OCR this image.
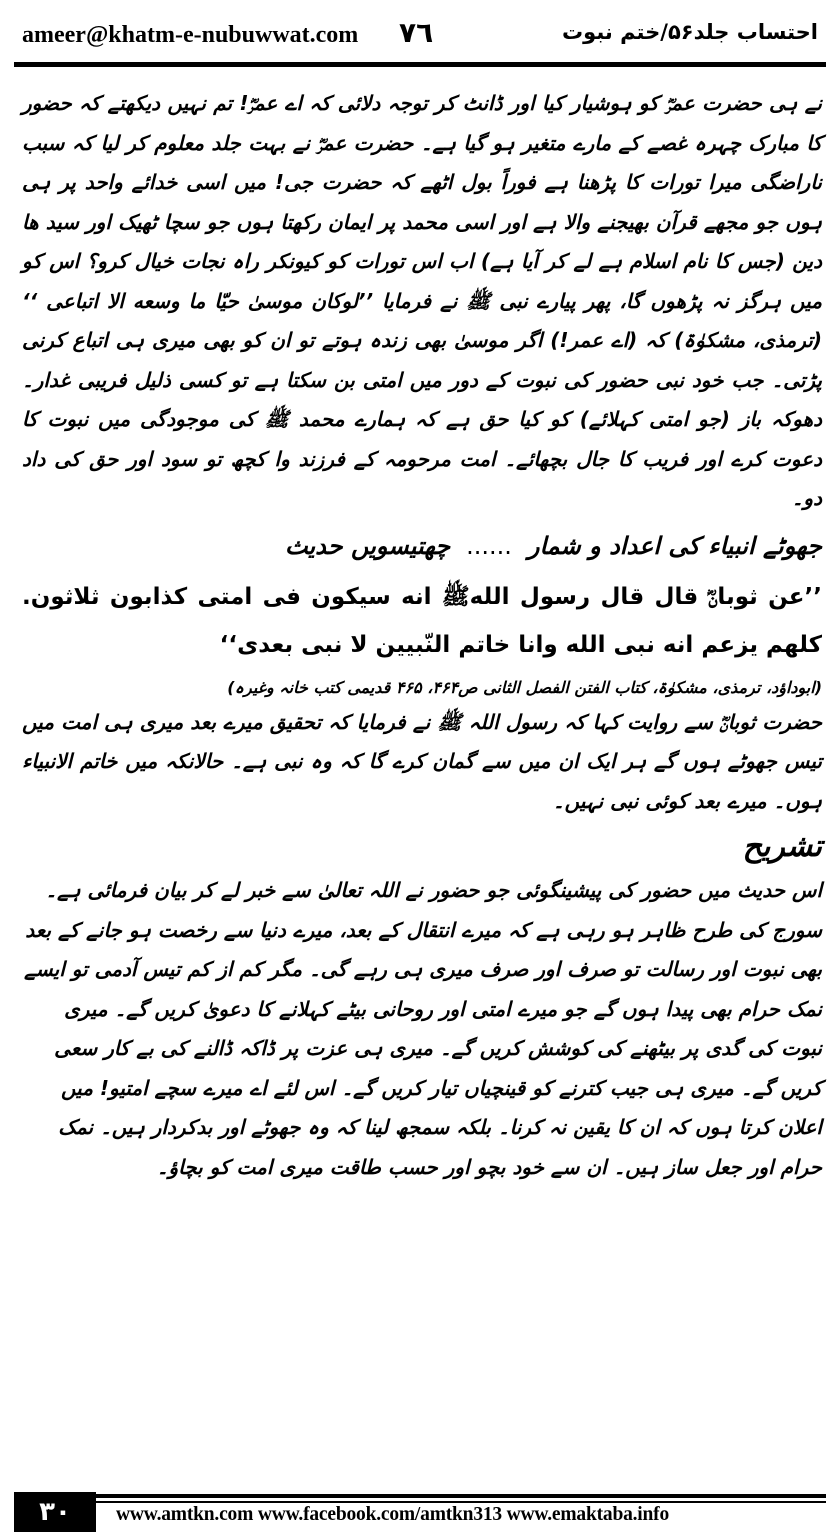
ameer@khatm-e-nubuwwat.com ٧٦	احتساب جلد۵۶/ختم نبوت

نے ہی حضرت عمرؓ کو ہوشیار کیا اور ڈانٹ کر توجہ دلائی کہ اے عمرؓ! تم نہیں دیکھتے کہ حضور کا مبارک چہرہ غصے کے مارے متغیر ہو گیا ہے۔ حضرت عمرؓ نے بہت جلد معلوم کر لیا کہ سبب ناراضگی میرا تورات کا پڑھنا ہے فوراً بول اٹھے کہ حضرت جی! میں اسی خدائے واحد پر ہی ہوں جو مجھے قرآن بھیجنے والا ہے اور اسی محمد پر ایمان رکھتا ہوں جو سچا ٹھیک اور سید ھا دین (جس کا نام اسلام ہے لے کر آیا ہے) اب اس تورات کو کیونکر راہ نجات خیال کرو؟ اس کو میں ہرگز نہ پڑھوں گا، پھر پیارے نبی ﷺ نے فرمایا ’’لوکان موسیٰ حیّا ما وسعه الا اتباعی ‘‘ (ترمذی، مشکوٰۃ) کہ (اے عمر!) اگر موسیٰ بھی زندہ ہوتے تو ان کو بھی میری ہی اتباع کرنی پڑتی۔ جب خود نبی حضور کی نبوت کے دور میں امتی بن سکتا ہے تو کسی ذلیل فریبی غدار۔ دھوکہ باز (جو امتی کہلائے) کو کیا حق ہے کہ ہمارے محمد ﷺ کی موجودگی میں نبوت کا دعوت کرے اور فریب کا جال بچھائے۔ امت مرحومہ کے فرزند وا کچھ تو سود اور حق کی داد دو۔

جھوٹے انبیاء کی اعداد و شمار......چھتیسویں حدیث

’’عن ثوبانؓ قال قال رسول اللهﷺ انه سیکون فی امتی کذابون ثلاثون. کلهم یزعم انه نبی الله وانا خاتم النّبیین لا نبی بعدی‘‘

(ابوداؤد، ترمذی، مشکوٰۃ، کتاب الفتن الفصل الثانی ص۴۶۴، ۴۶۵ قدیمی کتب خانہ وغیرہ)

حضرت ثوبانؓ سے روایت کہا کہ رسول اللہ ﷺ نے فرمایا کہ تحقیق میرے بعد میری ہی امت میں تیس جھوٹے ہوں گے ہر ایک ان میں سے گمان کرے گا کہ وہ نبی ہے۔ حالانکہ میں خاتم الانبیاء ہوں۔ میرے بعد کوئی نبی نہیں۔

تشریح

اس حدیث میں حضور کی پیشینگوئی جو حضور نے اللہ تعالیٰ سے خبر لے کر بیان فرمائی ہے۔ سورج کی طرح ظاہر ہو رہی ہے کہ میرے انتقال کے بعد، میرے دنیا سے رخصت ہو جانے کے بعد بھی نبوت اور رسالت تو صرف اور صرف میری ہی رہے گی۔ مگر کم از کم تیس آدمی تو ایسے نمک حرام بھی پیدا ہوں گے جو میرے امتی اور روحانی بیٹے کہلانے کا دعویٰ کریں گے۔ میری نبوت کی گدی پر بیٹھنے کی کوشش کریں گے۔ میری ہی عزت پر ڈاکہ ڈالنے کی بے کار سعی کریں گے۔ میری ہی جیب کترنے کو قینچیاں تیار کریں گے۔ اس لئے اے میرے سچے امتیو! میں اعلان کرتا ہوں کہ ان کا یقین نہ کرنا۔ بلکہ سمجھ لینا کہ وہ جھوٹے اور بدکردار ہیں۔ نمک حرام اور جعل ساز ہیں۔ ان سے خود بچو اور حسب طاقت میری امت کو بچاؤ۔

۳۰	www.amtkn.com www.facebook.com/amtkn313 www.emaktaba.info
